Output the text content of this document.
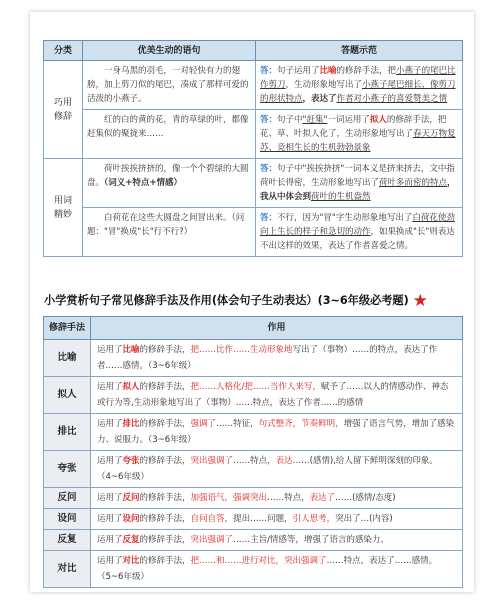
分类	优美生动的语句	答题示范
巧用
修辞	一身乌黑的羽毛，一对轻快有力的翅膀，加上剪刀似的尾巴，凑成了那样可爱的活泼的小燕子。	答：句子运用了比喻的修辞手法，把小燕子的尾巴比作剪刀，生动形象地写出了小燕子尾巴细长、像剪刀的形状特点，表达了作者对小燕子的喜爱赞美之情
	红的白的黄的花，青的草绿的叶，都像赶集似的聚拢来……	答：句子中"赶集"一词运用了拟人的修辞手法，把花、草、叶拟人化了，生动形象地写出了春天万物复苏、竞相生长的生机勃勃景象
用词
精妙	荷叶挨挨挤挤的，像一个个碧绿的大圆盘。（词义+特点+情感）	答：句子中"挨挨挤挤"一词本义是挤来挤去，文中指荷叶长得密，生动形象地写出了荷叶多而密的特点，我从中体会到荷叶的生机盎然
	白荷花在这些大圆盘之间冒出来。（问题："冒"换成"长"行不行?）	答：不行，因为"冒"字生动形象地写出了白荷花使劲向上生长的样子和急切的动作，如果换成"长"则表达不出这样的效果，表达了作者喜爱之情。
小学赏析句子常见修辞手法及作用(体会句子生动表达）(3~6年级必考题) ★
修辞手法	作用
比喻	运用了比喻的修辞手法，把……比作……生动形象地写出了（事物）……的特点，表达了作者……感情。（3~6年级）
拟人	运用了拟人的修辞手法，把……人格化/把……当作人来写，赋予了……以人的情感动作、神态或行为等,生动形象地写出了（事物）……特点，表达了作者……的感情
排比	运用了排比的修辞手法，强调了……特征，句式整齐，节奏鲜明，增强了语言气势，增加了感染力、说服力。（3~6年级）
夸张	运用了夸张的修辞手法，突出强调了……特点，表达……(感情),给人留下鲜明深刻的印象。（4~6年级）
反问	运用了反问的修辞手法，加强语气，强调突出……特点，表达了……(感情/态度)
设问	运用了设问的修辞手法，自问自答，提出……问题，引人思考，突出了…(内容)
反复	运用了反复的修辞手法，突出强调了……主旨/情感等，增强了语言的感染力。
对比	运用了对比的修辞手法，把……和……进行对比，突出强调了……特点，表达了……感情。（5~6年级）
